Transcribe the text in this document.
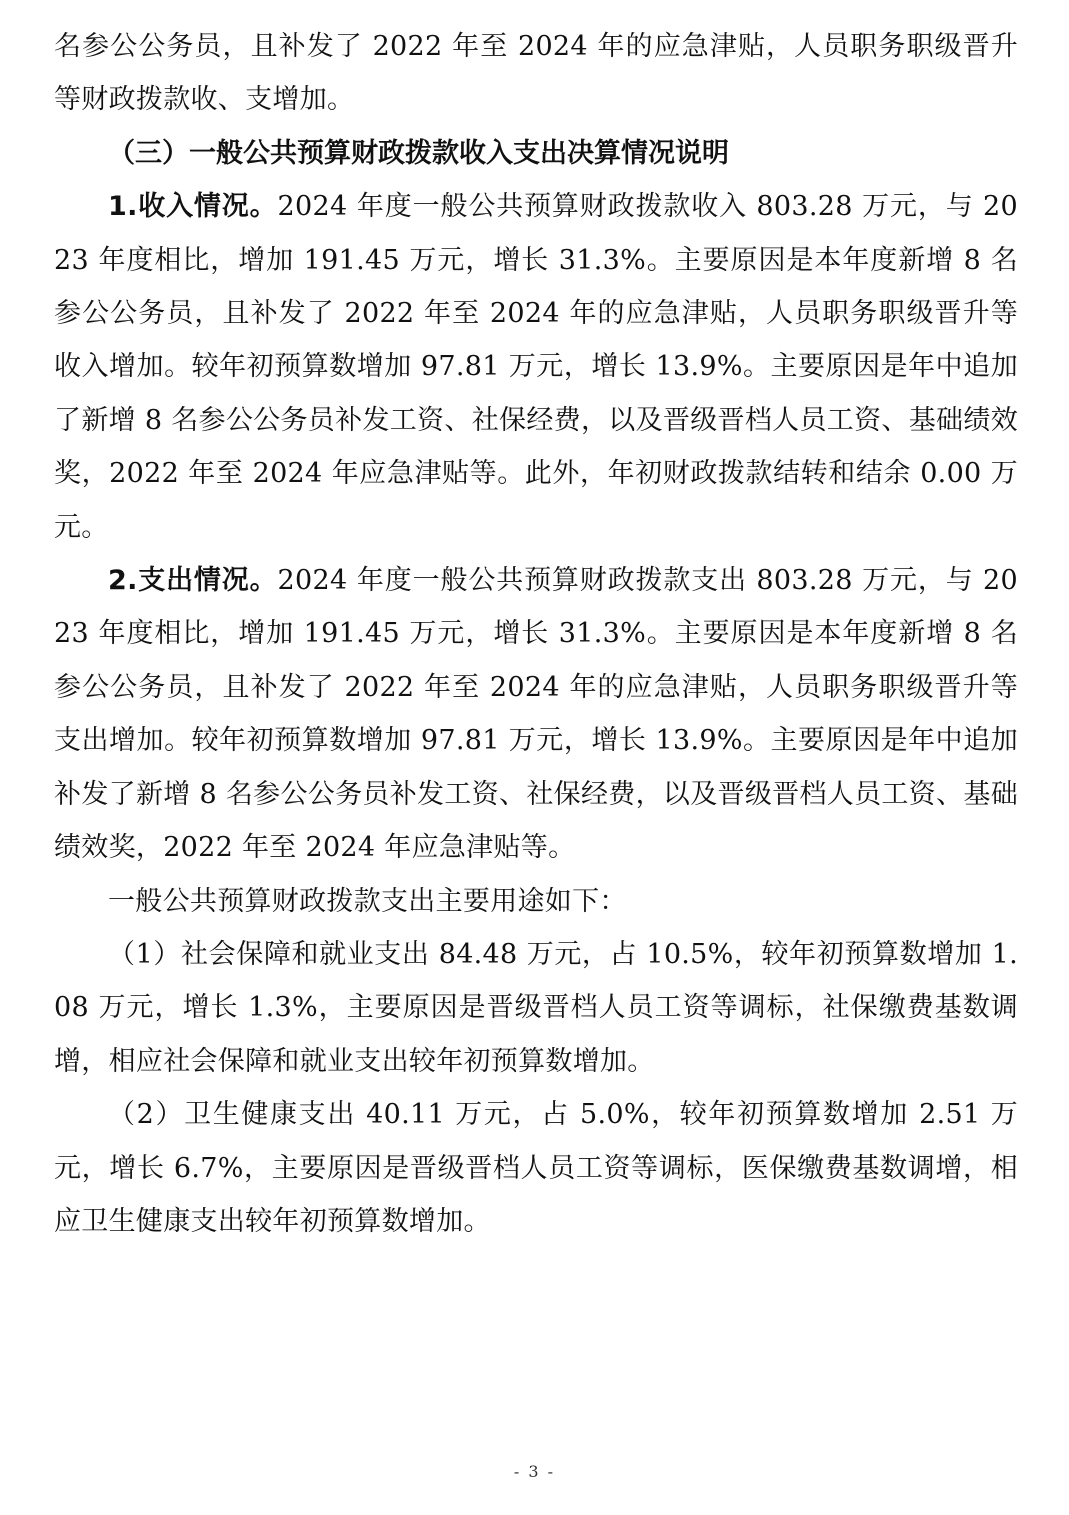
名参公公务员，且补发了 2022 年至 2024 年的应急津贴，人员职务职级晋升等财政拨款收、支增加。

（三）一般公共预算财政拨款收入支出决算情况说明

1.收入情况。2024 年度一般公共预算财政拨款收入 803.28 万元，与 2023 年度相比，增加 191.45 万元，增长 31.3%。主要原因是本年度新增 8 名参公公务员，且补发了 2022 年至 2024 年的应急津贴，人员职务职级晋升等收入增加。较年初预算数增加 97.81 万元，增长 13.9%。主要原因是年中追加了新增 8 名参公公务员补发工资、社保经费，以及晋级晋档人员工资、基础绩效奖，2022 年至 2024 年应急津贴等。此外，年初财政拨款结转和结余 0.00 万元。

2.支出情况。2024 年度一般公共预算财政拨款支出 803.28 万元，与 2023 年度相比，增加 191.45 万元，增长 31.3%。主要原因是本年度新增 8 名参公公务员，且补发了 2022 年至 2024 年的应急津贴，人员职务职级晋升等支出增加。较年初预算数增加 97.81 万元，增长 13.9%。主要原因是年中追加补发了新增 8 名参公公务员补发工资、社保经费，以及晋级晋档人员工资、基础绩效奖，2022 年至 2024 年应急津贴等。

一般公共预算财政拨款支出主要用途如下：

（1）社会保障和就业支出 84.48 万元，占 10.5%，较年初预算数增加 1.08 万元，增长 1.3%，主要原因是晋级晋档人员工资等调标，社保缴费基数调增，相应社会保障和就业支出较年初预算数增加。

（2）卫生健康支出 40.11 万元，占 5.0%，较年初预算数增加 2.51 万元，增长 6.7%，主要原因是晋级晋档人员工资等调标，医保缴费基数调增，相应卫生健康支出较年初预算数增加。

- 3 -
